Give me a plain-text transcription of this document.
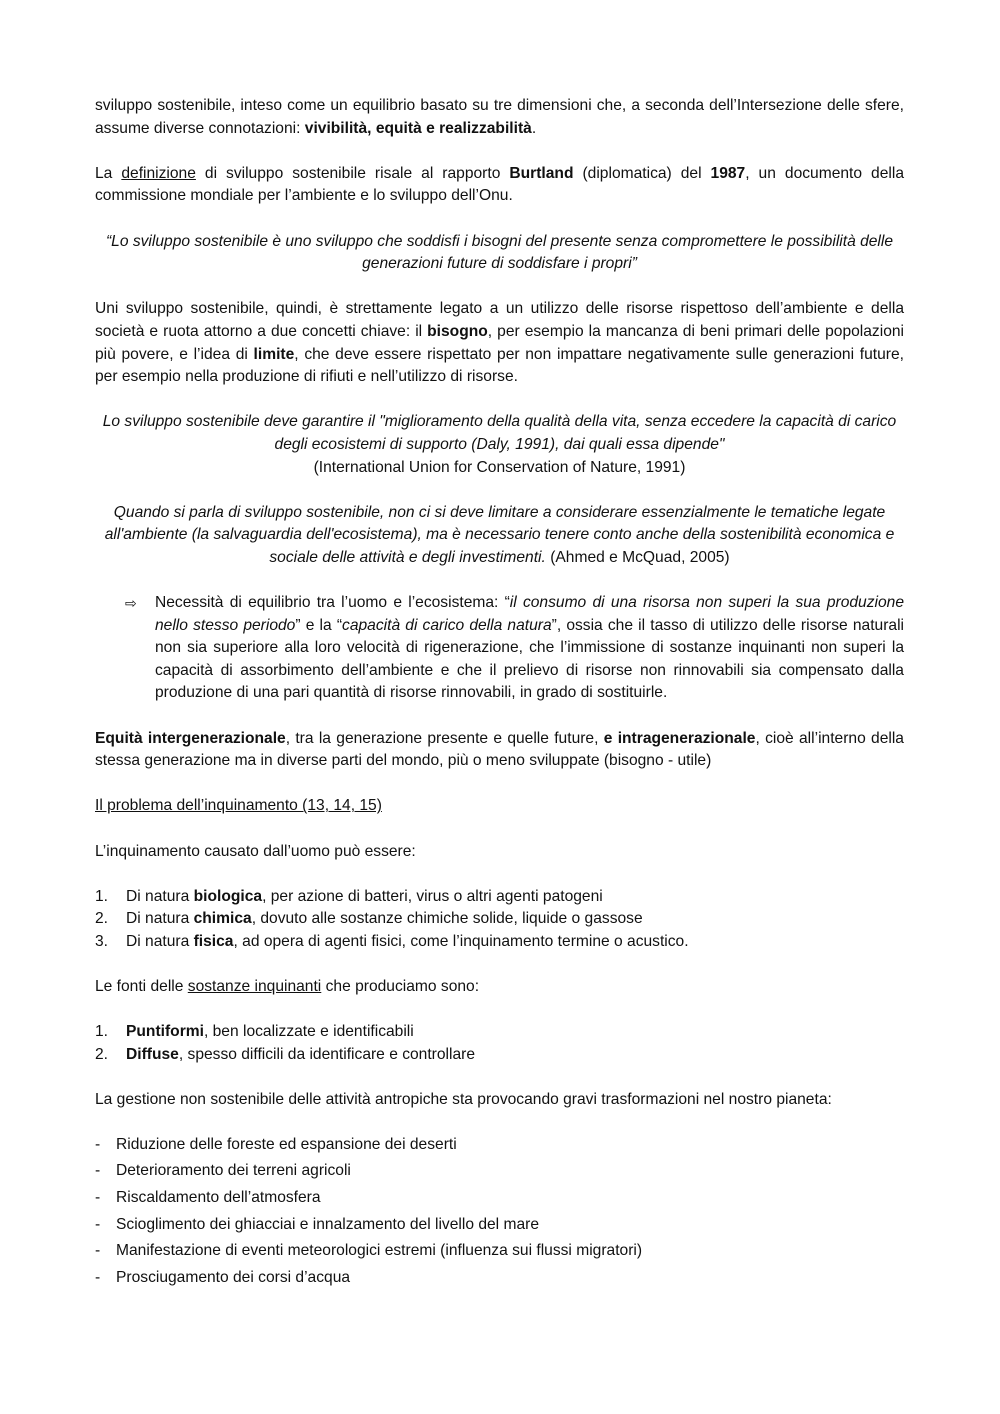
sviluppo sostenibile, inteso come un equilibrio basato su tre dimensioni che, a seconda dell’Intersezione delle sfere, assume diverse connotazioni: vivibilità, equità e realizzabilità.

La definizione di sviluppo sostenibile risale al rapporto Burtland (diplomatica) del 1987, un documento della commissione mondiale per l’ambiente e lo sviluppo dell’Onu.

“Lo sviluppo sostenibile è uno sviluppo che soddisfi i bisogni del presente senza compromettere le possibilità delle generazioni future di soddisfare i propri”

Uni sviluppo sostenibile, quindi, è strettamente legato a un utilizzo delle risorse rispettoso dell’ambiente e della società e ruota attorno a due concetti chiave: il bisogno, per esempio la mancanza di beni primari delle popolazioni più povere, e l’idea di limite, che deve essere rispettato per non impattare negativamente sulle generazioni future, per esempio nella produzione di rifiuti e nell’utilizzo di risorse.

Lo sviluppo sostenibile deve garantire il "miglioramento della qualità della vita, senza eccedere la capacità di carico degli ecosistemi di supporto (Daly, 1991), dai quali essa dipende"
(International Union for Conservation of Nature, 1991)

Quando si parla di sviluppo sostenibile, non ci si deve limitare a considerare essenzialmente le tematiche legate all'ambiente (la salvaguardia dell'ecosistema), ma è necessario tenere conto anche della sostenibilità economica e sociale delle attività e degli investimenti. (Ahmed e McQuad, 2005)

⇨	Necessità di equilibrio tra l’uomo e l’ecosistema: “il consumo di una risorsa non superi la sua produzione nello stesso periodo” e la “capacità di carico della natura”, ossia che il tasso di utilizzo delle risorse naturali non sia superiore alla loro velocità di rigenerazione, che l’immissione di sostanze inquinanti non superi la capacità di assorbimento dell’ambiente e che il prelievo di risorse non rinnovabili sia compensato dalla produzione di una pari quantità di risorse rinnovabili, in grado di sostituirle.

Equità intergenerazionale, tra la generazione presente e quelle future, e intragenerazionale, cioè all’interno della stessa generazione ma in diverse parti del mondo, più o meno sviluppate (bisogno - utile)

Il problema dell’inquinamento (13, 14, 15)

L’inquinamento causato dall’uomo può essere:

1.	Di natura biologica, per azione di batteri, virus o altri agenti patogeni
2.	Di natura chimica, dovuto alle sostanze chimiche solide, liquide o gassose
3.	Di natura fisica, ad opera di agenti fisici, come l’inquinamento termine o acustico.

Le fonti delle sostanze inquinanti che produciamo sono:

1.	Puntiformi, ben localizzate e identificabili
2.	Diffuse, spesso difficili da identificare e controllare

La gestione non sostenibile delle attività antropiche sta provocando gravi trasformazioni nel nostro pianeta:

-	Riduzione delle foreste ed espansione dei deserti
-	Deterioramento dei terreni agricoli
-	Riscaldamento dell’atmosfera
-	Scioglimento dei ghiacciai e innalzamento del livello del mare
-	Manifestazione di eventi meteorologici estremi (influenza sui flussi migratori)
-	Prosciugamento dei corsi d’acqua
